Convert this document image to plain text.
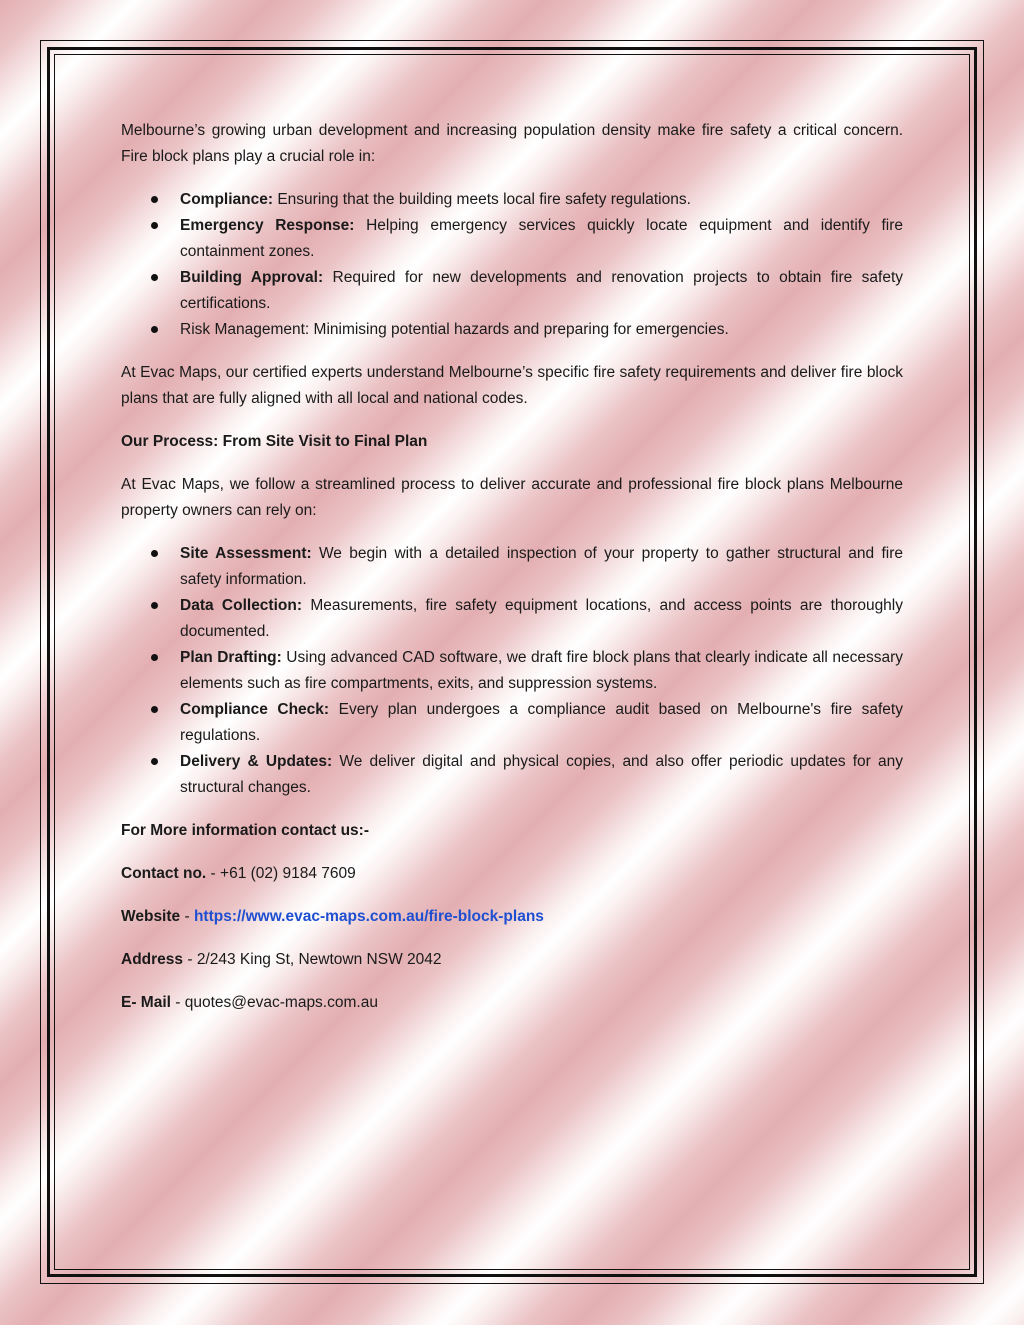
Melbourne’s growing urban development and increasing population density make fire safety a critical concern. Fire block plans play a crucial role in:

Compliance: Ensuring that the building meets local fire safety regulations.
Emergency Response: Helping emergency services quickly locate equipment and identify fire containment zones.
Building Approval: Required for new developments and renovation projects to obtain fire safety certifications.
Risk Management: Minimising potential hazards and preparing for emergencies.

At Evac Maps, our certified experts understand Melbourne’s specific fire safety requirements and deliver fire block plans that are fully aligned with all local and national codes.

Our Process: From Site Visit to Final Plan

At Evac Maps, we follow a streamlined process to deliver accurate and professional fire block plans Melbourne property owners can rely on:

Site Assessment: We begin with a detailed inspection of your property to gather structural and fire safety information.
Data Collection: Measurements, fire safety equipment locations, and access points are thoroughly documented.
Plan Drafting: Using advanced CAD software, we draft fire block plans that clearly indicate all necessary elements such as fire compartments, exits, and suppression systems.
Compliance Check: Every plan undergoes a compliance audit based on Melbourne's fire safety regulations.
Delivery & Updates: We deliver digital and physical copies, and also offer periodic updates for any structural changes.

For More information contact us:-

Contact no. - +61 (02) 9184 7609

Website - https://www.evac-maps.com.au/fire-block-plans

Address - 2/243 King St, Newtown NSW 2042

E- Mail - quotes@evac-maps.com.au
